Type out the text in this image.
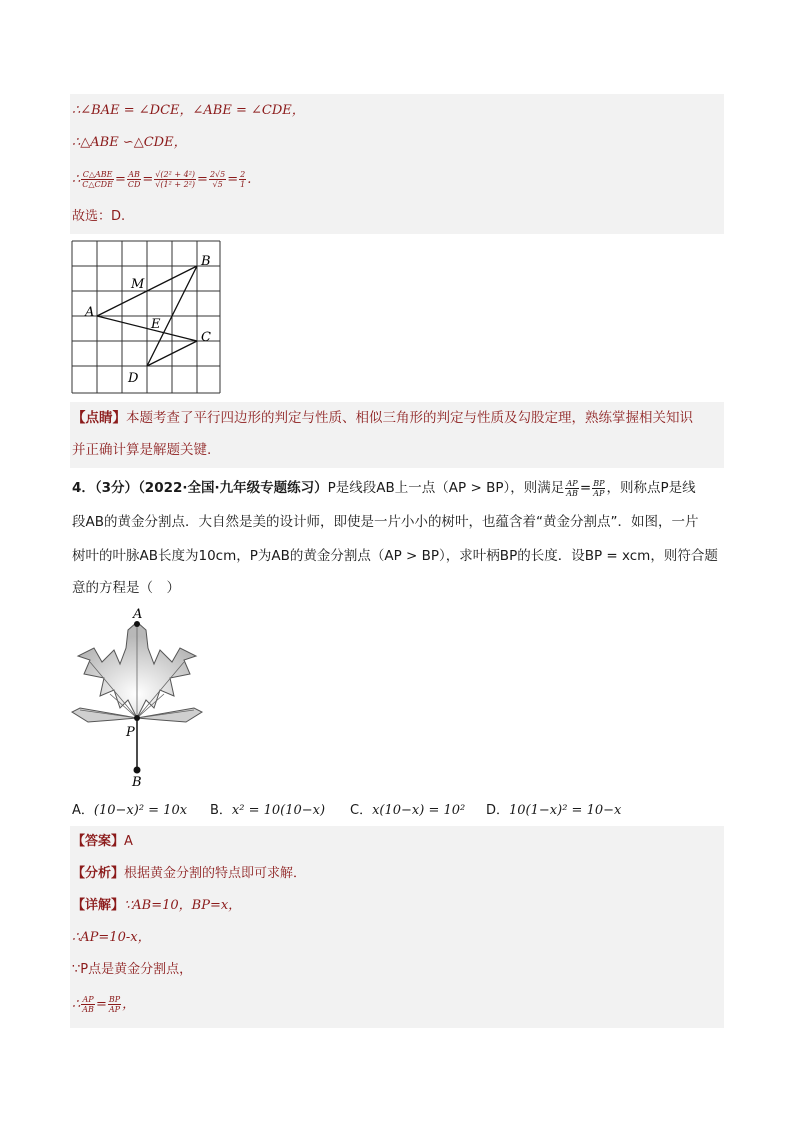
∴∠BAE = ∠DCE，∠ABE = ∠CDE，
∴△ABE ∽△CDE，
∴ $\frac{\text{C△ABE}}{\text{C△CDE}} = \frac{AB}{CD} = \frac{\text{√(2² + 4²)}}{\text{√(1² + 2²)}} = \frac{2√5}{√5} = \frac{2}{1}$ .
故选：D.
A
B
C
D
E
M
【点睛】本题考查了平行四边形的判定与性质、相似三角形的判定与性质及勾股定理，熟练掌握相关知识
并正确计算是解题关键.
4．（3分）（2022·全国·九年级专题练习）P是线段AB上一点（AP > BP），则满足 $\frac{AP}{AB} = \frac{BP}{AP}$ ，则称点P是线
段AB的黄金分割点．大自然是美的设计师，即使是一片小小的树叶，也蕴含着“黄金分割点”．如图，一片
树叶的叶脉AB长度为10cm，P为AB的黄金分割点（AP > BP），求叶柄BP的长度．设BP = xcm，则符合题
意的方程是（　）
A
P
B
A．(10−x)² = 10x B．x² = 10(10−x) C．x(10−x) = 10² D．10(1−x)² = 10−x
【答案】A
【分析】根据黄金分割的特点即可求解．
【详解】∵AB=10，BP=x，
∴AP=10-x，
∵P点是黄金分割点，
∴ $\frac{AP}{AB} = \frac{BP}{AP}$ ，
